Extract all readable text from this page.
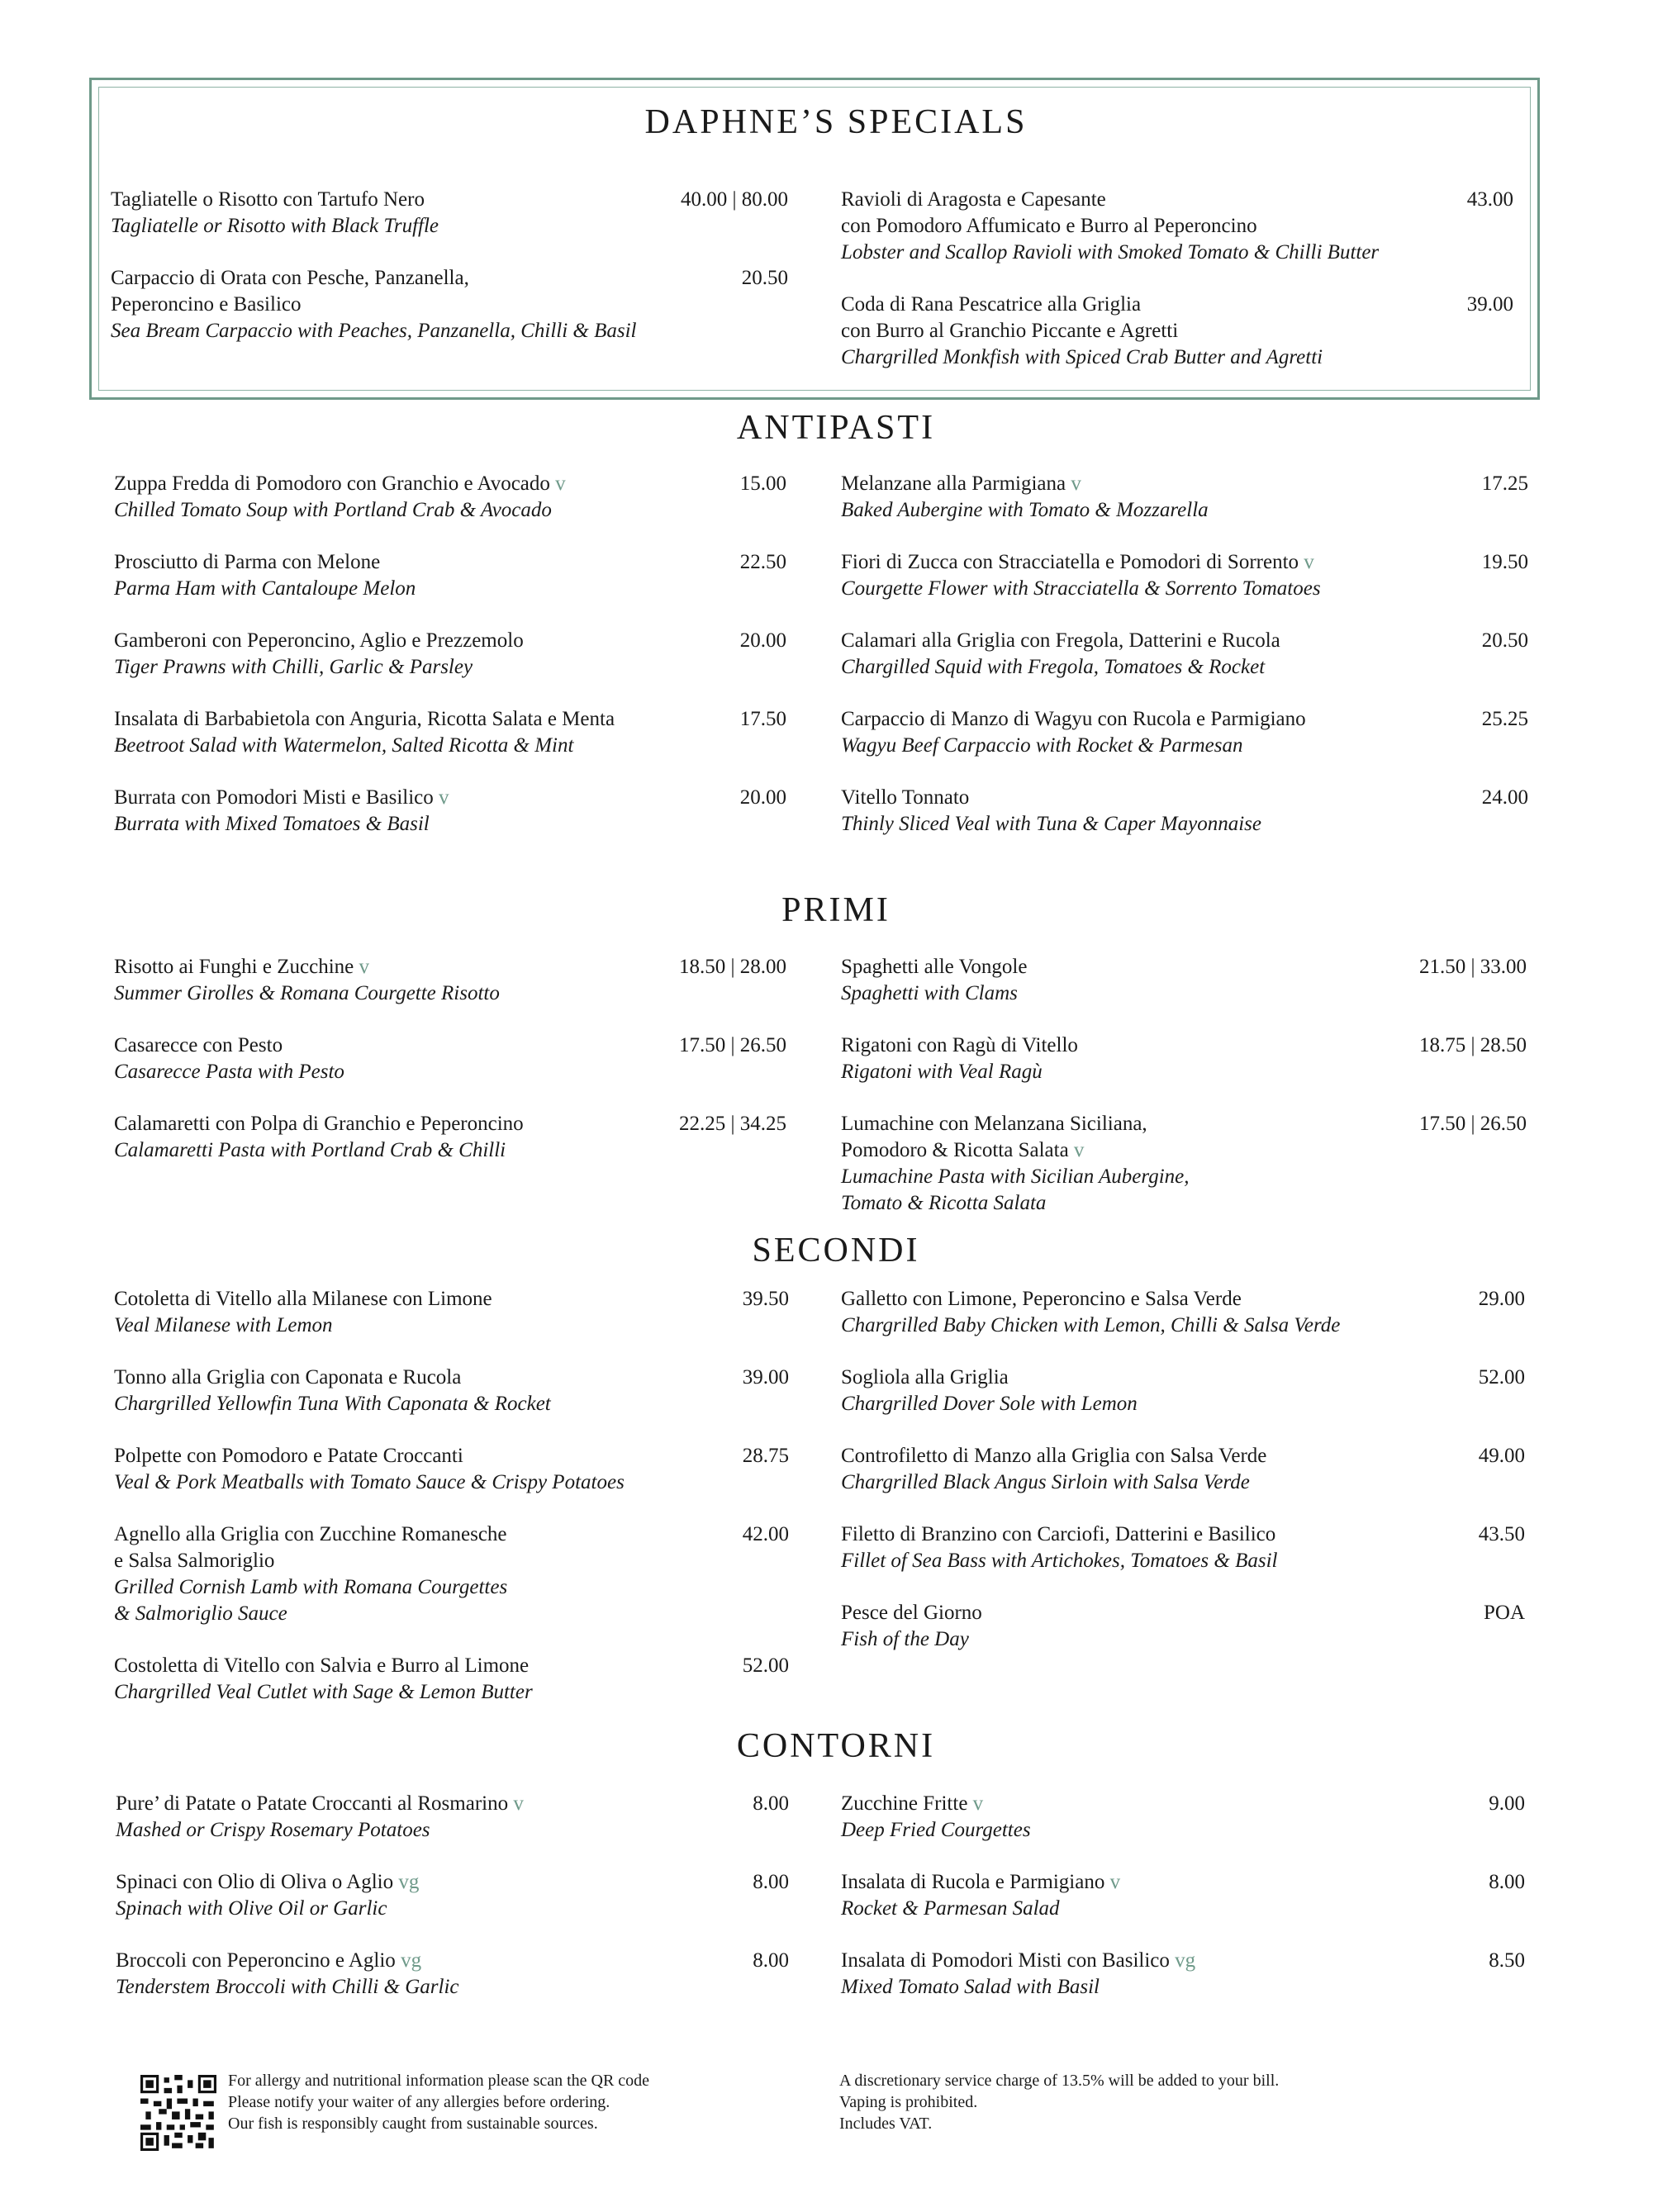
DAPHNE’S SPECIALS
Tagliatelle o Risotto con Tartufo Nero
Tagliatelle or Risotto with Black Truffle
40.00 | 80.00
Carpaccio di Orata con Pesche, Panzanella,
Peperoncino e Basilico
Sea Bream Carpaccio with Peaches, Panzanella, Chilli & Basil
20.50
Ravioli di Aragosta e Capesante
con Pomodoro Affumicato e Burro al Peperoncino
Lobster and Scallop Ravioli with Smoked Tomato & Chilli Butter
43.00
Coda di Rana Pescatrice alla Griglia
con Burro al Granchio Piccante e Agretti
Chargrilled Monkfish with Spiced Crab Butter and Agretti
39.00
ANTIPASTI
Zuppa Fredda di Pomodoro con Granchio e Avocado v
Chilled Tomato Soup with Portland Crab & Avocado
15.00
Prosciutto di Parma con Melone
Parma Ham with Cantaloupe Melon
22.50
Gamberoni con Peperoncino, Aglio e Prezzemolo
Tiger Prawns with Chilli, Garlic & Parsley
20.00
Insalata di Barbabietola con Anguria, Ricotta Salata e Menta
Beetroot Salad with Watermelon, Salted Ricotta & Mint
17.50
Burrata con Pomodori Misti e Basilico v
Burrata with Mixed Tomatoes & Basil
20.00
Melanzane alla Parmigiana v
Baked Aubergine with Tomato & Mozzarella
17.25
Fiori di Zucca con Stracciatella e Pomodori di Sorrento v
Courgette Flower with Stracciatella & Sorrento Tomatoes
19.50
Calamari alla Griglia con Fregola, Datterini e Rucola
Chargilled Squid with Fregola, Tomatoes & Rocket
20.50
Carpaccio di Manzo di Wagyu con Rucola e Parmigiano
Wagyu Beef Carpaccio with Rocket & Parmesan
25.25
Vitello Tonnato
Thinly Sliced Veal with Tuna & Caper Mayonnaise
24.00
PRIMI
Risotto ai Funghi e Zucchine v
Summer Girolles & Romana Courgette Risotto
18.50 | 28.00
Casarecce con Pesto
Casarecce Pasta with Pesto
17.50 | 26.50
Calamaretti con Polpa di Granchio e Peperoncino
Calamaretti Pasta with Portland Crab & Chilli
22.25 | 34.25
Spaghetti alle Vongole
Spaghetti with Clams
21.50 | 33.00
Rigatoni con Ragù di Vitello
Rigatoni with Veal Ragù
18.75 | 28.50
Lumachine con Melanzana Siciliana,
Pomodoro & Ricotta Salata v
Lumachine Pasta with Sicilian Aubergine,
Tomato & Ricotta Salata
17.50 | 26.50
SECONDI
Cotoletta di Vitello alla Milanese con Limone
Veal Milanese with Lemon
39.50
Tonno alla Griglia con Caponata e Rucola
Chargrilled Yellowfin Tuna With Caponata & Rocket
39.00
Polpette con Pomodoro e Patate Croccanti
Veal & Pork Meatballs with Tomato Sauce & Crispy Potatoes
28.75
Agnello alla Griglia con Zucchine Romanesche
e Salsa Salmoriglio
Grilled Cornish Lamb with Romana Courgettes
& Salmoriglio Sauce
42.00
Costoletta di Vitello con Salvia e Burro al Limone
Chargrilled Veal Cutlet with Sage & Lemon Butter
52.00
Galletto con Limone, Peperoncino e Salsa Verde
Chargrilled Baby Chicken with Lemon, Chilli & Salsa Verde
29.00
Sogliola alla Griglia
Chargrilled Dover Sole with Lemon
52.00
Controfiletto di Manzo alla Griglia con Salsa Verde
Chargrilled Black Angus Sirloin with Salsa Verde
49.00
Filetto di Branzino con Carciofi, Datterini e Basilico
Fillet of Sea Bass with Artichokes, Tomatoes & Basil
43.50
Pesce del Giorno
Fish of the Day
POA
CONTORNI
Pure’ di Patate o Patate Croccanti al Rosmarino v
Mashed or Crispy Rosemary Potatoes
8.00
Spinaci con Olio di Oliva o Aglio vg
Spinach with Olive Oil or Garlic
8.00
Broccoli con Peperoncino e Aglio vg
Tenderstem Broccoli with Chilli & Garlic
8.00
Zucchine Fritte v
Deep Fried Courgettes
9.00
Insalata di Rucola e Parmigiano v
Rocket & Parmesan Salad
8.00
Insalata di Pomodori Misti con Basilico vg
Mixed Tomato Salad with Basil
8.50
For allergy and nutritional information please scan the QR code
Please notify your waiter of any allergies before ordering.
Our fish is responsibly caught from sustainable sources.
A discretionary service charge of 13.5% will be added to your bill.
Vaping is prohibited.
Includes VAT.
